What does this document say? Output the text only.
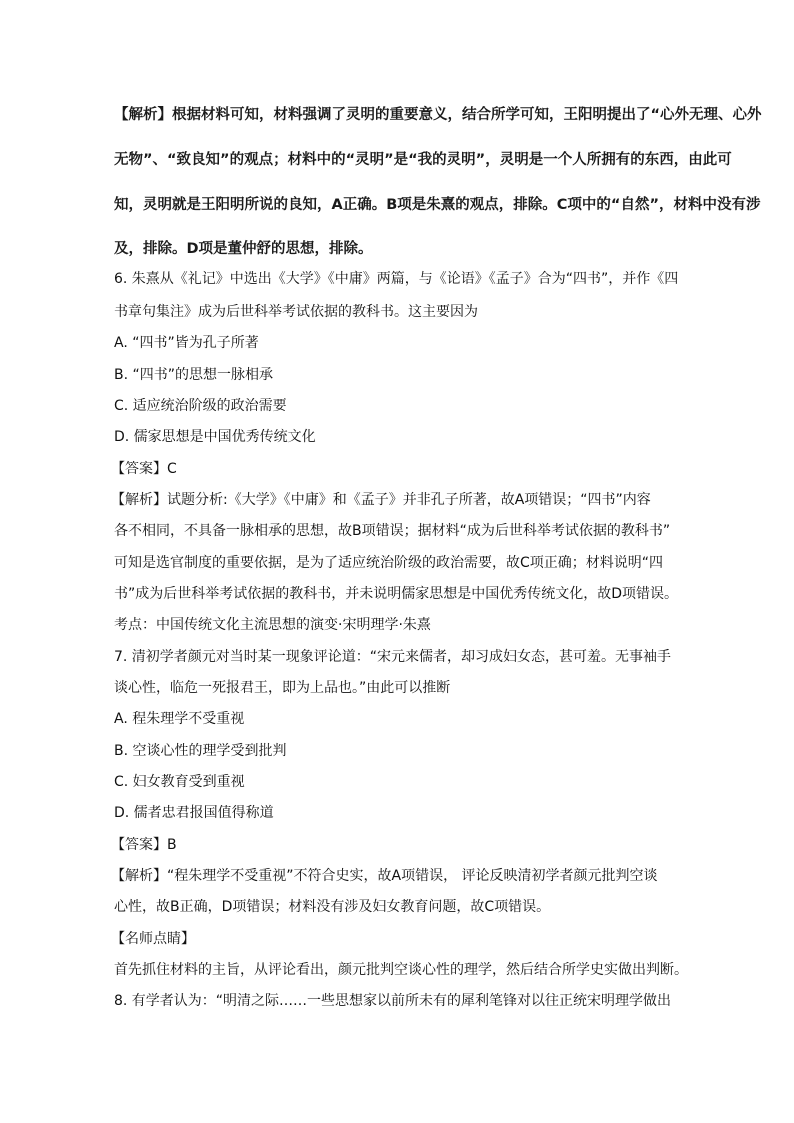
【解析】根据材料可知，材料强调了灵明的重要意义，结合所学可知，王阳明提出了“心外无理、心外
无物”、“致良知”的观点；材料中的“灵明”是“我的灵明”，灵明是一个人所拥有的东西，由此可
知，灵明就是王阳明所说的良知，A正确。B项是朱熹的观点，排除。C项中的“自然”，材料中没有涉
及，排除。D项是董仲舒的思想，排除。
6. 朱熹从《礼记》中选出《大学》《中庸》两篇，与《论语》《孟子》合为“四书”，并作《四
书章句集注》成为后世科举考试依据的教科书。这主要因为
A. “四书”皆为孔子所著
B. “四书”的思想一脉相承
C. 适应统治阶级的政治需要
D. 儒家思想是中国优秀传统文化
【答案】C
【解析】试题分析:《大学》《中庸》和《孟子》并非孔子所著，故A项错误；“四书”内容
各不相同，不具备一脉相承的思想，故B项错误；据材料“成为后世科举考试依据的教科书”
可知是选官制度的重要依据，是为了适应统治阶级的政治需要，故C项正确；材料说明“四
书”成为后世科举考试依据的教科书，并未说明儒家思想是中国优秀传统文化，故D项错误。
考点：中国传统文化主流思想的演变·宋明理学·朱熹
7. 清初学者颜元对当时某一现象评论道：“宋元来儒者，却习成妇女态，甚可羞。无事袖手
谈心性，临危一死报君王，即为上品也。”由此可以推断
A. 程朱理学不受重视
B. 空谈心性的理学受到批判
C. 妇女教育受到重视
D. 儒者忠君报国值得称道
【答案】B
【解析】“程朱理学不受重视”不符合史实，故A项错误， 评论反映清初学者颜元批判空谈
心性，故B正确，D项错误；材料没有涉及妇女教育问题，故C项错误。
【名师点睛】
首先抓住材料的主旨，从评论看出，颜元批判空谈心性的理学，然后结合所学史实做出判断。
8. 有学者认为：“明清之际……一些思想家以前所未有的犀利笔锋对以往正统宋明理学做出
